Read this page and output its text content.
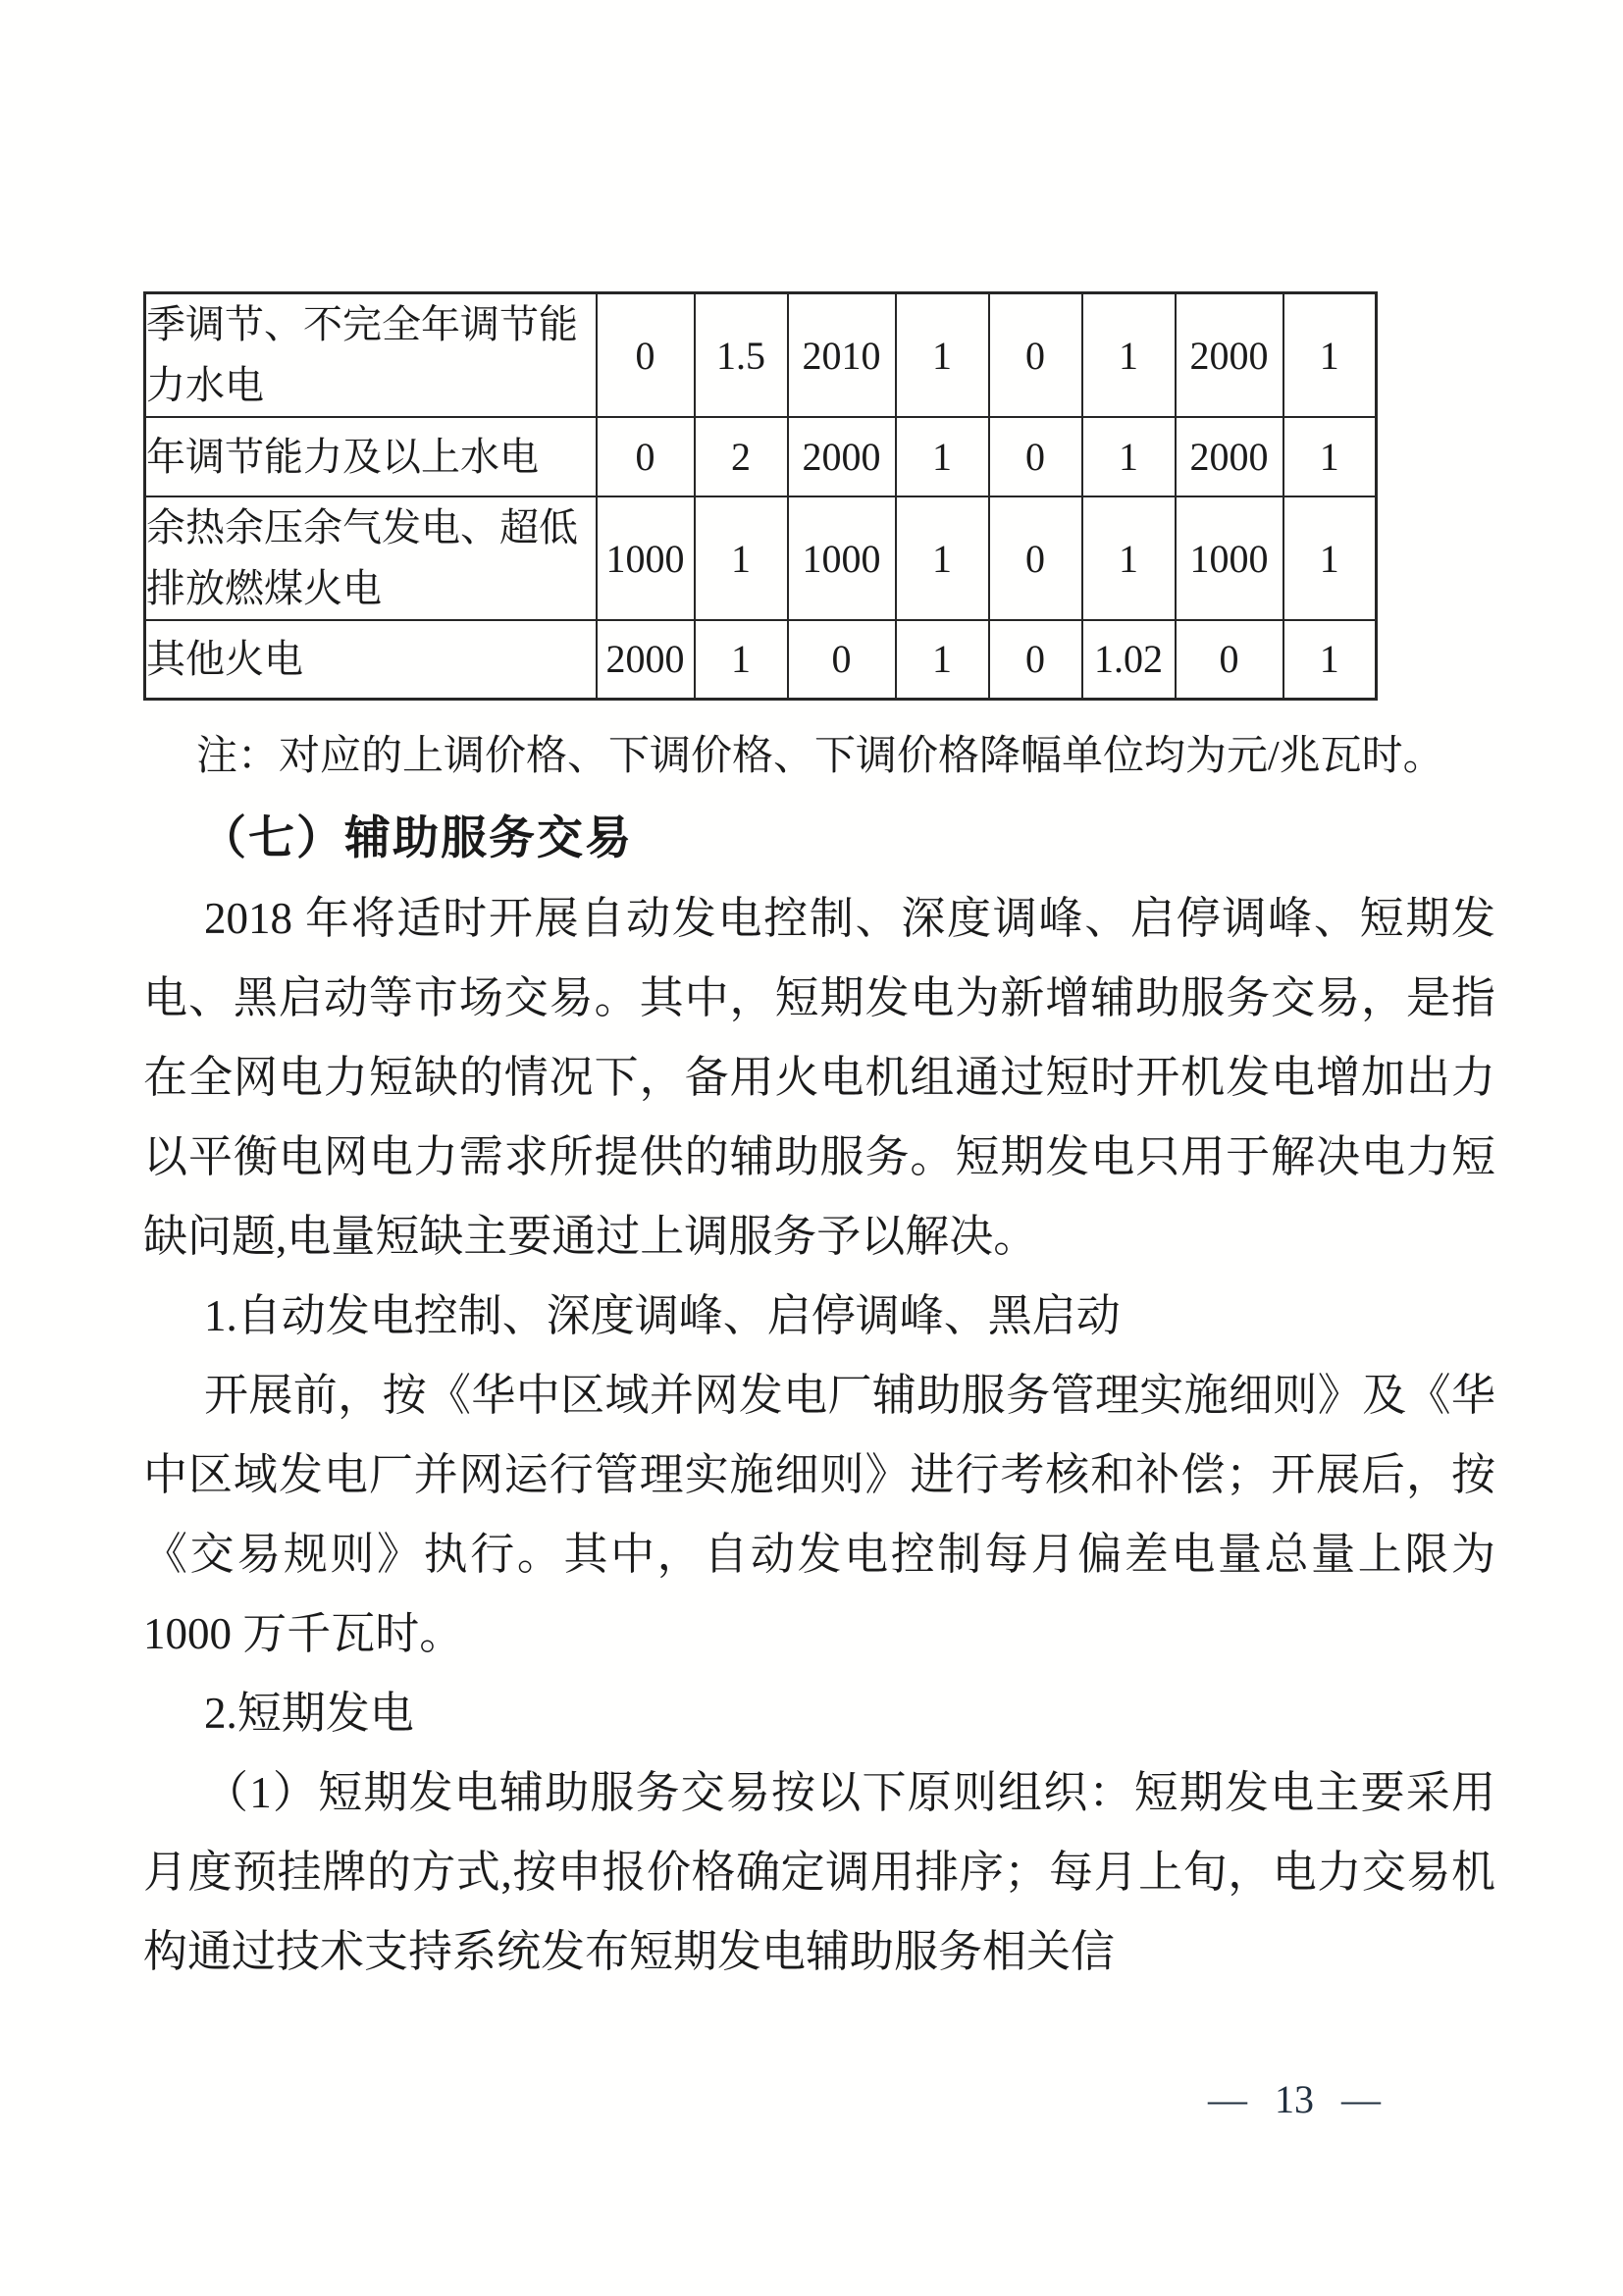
季调节、不完全年调节能力水电	0	1.5	2010	1	0	1	2000	1
年调节能力及以上水电	0	2	2000	1	0	1	2000	1
余热余压余气发电、超低排放燃煤火电	1000	1	1000	1	0	1	1000	1
其他火电	2000	1	0	1	0	1.02	0	1
注：对应的上调价格、下调价格、下调价格降幅单位均为元/兆瓦时。
（七）辅助服务交易

2018 年将适时开展自动发电控制、深度调峰、启停调峰、短期发电、黑启动等市场交易。其中，短期发电为新增辅助服务交易，是指在全网电力短缺的情况下，备用火电机组通过短时开机发电增加出力以平衡电网电力需求所提供的辅助服务。短期发电只用于解决电力短缺问题,电量短缺主要通过上调服务予以解决。

1.自动发电控制、深度调峰、启停调峰、黑启动

开展前，按《华中区域并网发电厂辅助服务管理实施细则》及《华中区域发电厂并网运行管理实施细则》进行考核和补偿；开展后，按《交易规则》执行。其中，自动发电控制每月偏差电量总量上限为 1000 万千瓦时。

2.短期发电

（1）短期发电辅助服务交易按以下原则组织：短期发电主要采用月度预挂牌的方式,按申报价格确定调用排序；每月上旬，电力交易机构通过技术支持系统发布短期发电辅助服务相关信

— 13 —
